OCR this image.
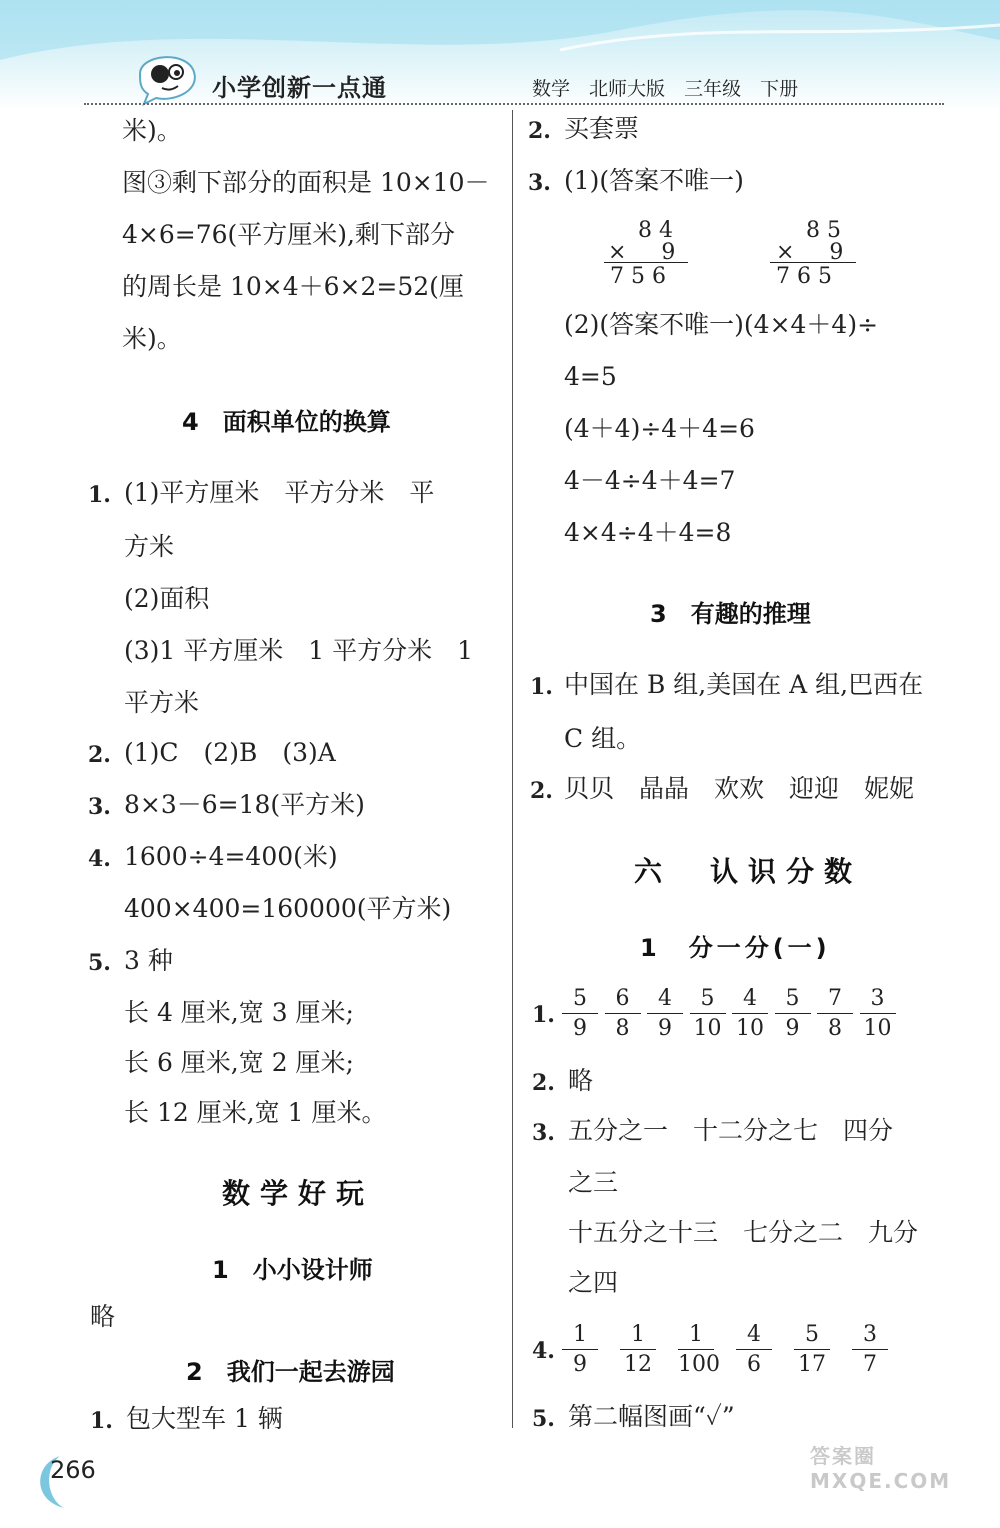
小学创新一点通	数学　 北师大版　 三年级　 下册
米)。
图③剩下部分的面积是 10×10－
4×6=76(平方厘米),剩下部分
的周长是 10×4＋6×2=52(厘
米)。
4　面积单位的换算
1. (1)平方厘米　平方分米　平
方米
(2)面积
(3)1 平方厘米　1 平方分米　1
平方米
2. (1)C　(2)B　(3)A
3. 8×3－6=18(平方米)
4. 1600÷4=400(米)
400×400=160000(平方米)
5. 3 种
长 4 厘米,宽 3 厘米;
长 6 厘米,宽 2 厘米;
长 12 厘米,宽 1 厘米。
数学好玩
1　小小设计师
略
2　我们一起去游园
1. 包大型车 1 辆
2. 买套票
3. (1)(答案不唯一)
8 4
× 9
7 5 6
8 5
× 9
7 6 5
(2)(答案不唯一)(4×4＋4)÷
4=5
(4＋4)÷4＋4=6
4－4÷4＋4=7
4×4÷4＋4=8
3　有趣的推理
1. 中国在 B 组,美国在 A 组,巴西在
C 组。
2. 贝贝　晶晶　欢欢　迎迎　妮妮
六　认识分数
1　分一分(一)
1. $\frac{5}{9} \frac{6}{8} \frac{4}{9} \frac{5}{10} \frac{4}{10} \frac{5}{9} \frac{7}{8} \frac{3}{10}$
2. 略
3. 五分之一　十二分之七　四分
之三
十五分之十三　七分之二　九分
之四
4. $\frac{1}{9} \frac{1}{12} \frac{1}{100} \frac{4}{6} \frac{5}{17} \frac{3}{7}$
5. 第二幅图画“✓”
266	答案圈 MXQE.COM
